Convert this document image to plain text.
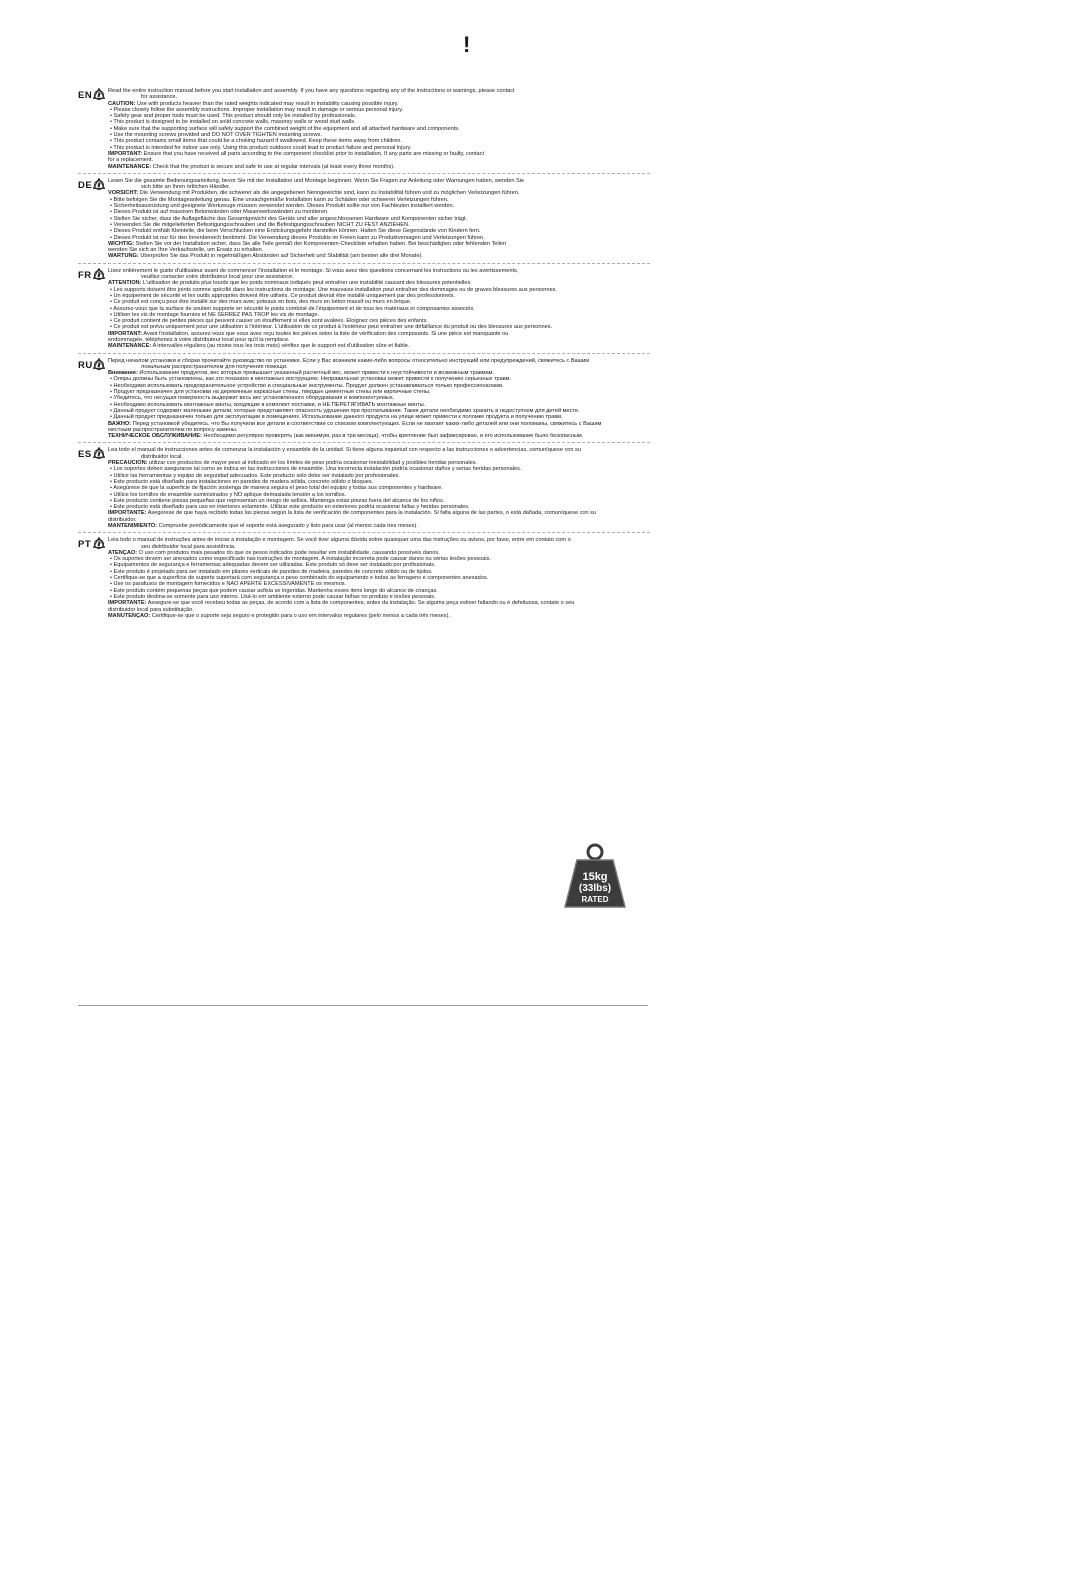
!
EN	Read the entire instruction manual before you start installation and assembly. If you have any questions regarding any of the instructions or warnings, please contact
for assistance.
CAUTION: Use with products heavier than the rated weights indicated may result in instability causing possible injury.
• Please closely follow the assembly instructions. Improper installation may result in damage or serious personal injury.
• Safety gear and proper tools must be used. This product should only be installed by professionals.
• This product is designed to be installed on solid concrete walls, masonry walls or wood stud walls.
• Make sure that the supporting surface will safely support the combined weight of the equipment and all attached hardware and components.
• Use the mounting screws provided and DO NOT OVER TIGHTEN mounting screws.
• This product contains small items that could be a choking hazard if swallowed. Keep these items away from children.
• This product is intended for indoor use only. Using this product outdoors could lead to product failure and personal injury.
IMPORTANT: Ensure that you have received all parts according to the component checklist prior to installation. If any parts are missing or faulty, contact
for a replacement.
MAINTENANCE: Check that the product is secure and safe to use at regular intervals (at least every three months).
DE	Lesen Sie die gesamte Bedienungsanleitung, bevor Sie mit der Installation und Montage beginnen. Wenn Sie Fragen zur Anleitung oder Warnungen haben, wenden Sie
sich bitte an Ihren örtlichen Händler.
VORSICHT: Die Verwendung mit Produkten, die schwerer als die angegebenen Nenngewichte sind, kann zu Instabilität führen und zu möglichen Verletzungen führen.
• Bitte befolgen Sie die Montageanleitung genau. Eine unsachgemäße Installation kann zu Schäden oder schweren Verletzungen führen.
• Sicherheitsausrüstung und geeignete Werkzeuge müssen verwendet werden. Dieses Produkt sollte nur von Fachleuten installiert werden.
• Dieses Produkt ist auf massiven Betonwänden oder Mauerwerkswänden zu montieren.
• Stellen Sie sicher, dass die Auflagefläche das Gesamtgewicht des Geräts und aller angeschlossenen Hardware und Komponenten sicher trägt.
• Verwenden Sie die mitgelieferten Befestigungsschrauben und die Befestigungsschrauben NICHT ZU FEST ANZIEHEN.
• Dieses Produkt enthält Kleinteile, die beim Verschlucken eine Erstickungsgefahr darstellen können. Halten Sie diese Gegenstände von Kindern fern.
• Dieses Produkt ist nur für den Innenbereich bestimmt. Die Verwendung dieses Produkts im Freien kann zu Produktversagen und Verletzungen führen.
WICHTIG: Stellen Sie vor der Installation sicher, dass Sie alle Teile gemäß der Komponenten-Checkliste erhalten haben. Bei beschädigten oder fehlenden Teilen
wenden Sie sich an Ihre Verkaufsstelle, um Ersatz zu erhalten.
WARTUNG: Überprüfen Sie das Produkt in regelmäßigen Abständen auf Sicherheit und Stabilität (am besten alle drei Monate).
FR	Lisez entièrement le guide d'utilisateur avant de commencer l'installation et le montage. Si vous avez des questions concernant les instructions ou les avertissements,
veuillez contacter votre distributeur local pour une assistance.
ATTENTION: L'utilisation de produits plus lourds que les poids nominaux indiqués peut entraîner une instabilité causant des blessures potentielles.
• Les supports doivent être joints comme spécifié dans les instructions de montage. Une mauvaise installation peut entraîner des dommages ou de graves blessures aux personnes.
• Un équipement de sécurité et les outils appropriés doivent être utilisés. Ce produit devrait être installé uniquement par des professionnels.
• Ce produit est conçu pour être installé sur des murs avec poteaux en bois, des murs en béton massif ou murs en brique.
• Assurez-vous que la surface de soutien supporte en sécurité le poids combiné de l'équipement et de tous les matériaux et composantes associés.
• Utiliser les vis de montage fournies et NE SERREZ PAS TROP les vis de montage.
• Ce produit contient de petites pièces qui peuvent causer un étouffement si elles sont avalées. Éloignez ces pièces des enfants.
• Ce produit est prévu uniquement pour une utilisation à l'intérieur. L'utilisation de ce produit à l'extérieur peut entraîner une défaillance du produit ou des blessures aux personnes.
IMPORTANT: Avant l'installation, assurez-vous que vous avez reçu toutes les pièces selon la liste de vérification des composants. Si une pièce est manquante ou
endommagée, téléphonez à votre distributeur local pour qu'il la remplace.
MAINTENANCE: A intervalles réguliers (au moins tous les trois mois) vérifiez que le support est d'utilisation sûre et fiable.
RU	Перед началом установки и сборки прочитайте руководство по установке. Если у Вас возникли какие-либо вопросы относительно инструкций или предупреждений, свяжитесь с Вашим
локальным распространителем для получения помощи.
Внимание: Использование продуктов, вес которых превышает указанный расчетный вес, может привести к неустойчивости и возможным травмам.
• Опоры должны быть установлены, как это показано в монтажных инструкциях. Неправильная установка может привести к получению серьезных травм.
• Необходимо использовать предохранительное устройство и специальные инструменты. Продукт должен устанавливаться только профессионалами.
• Продукт предназначен для установки на деревянные каркасные стены, твердые цементные стены или кирпичные стены.
• Убедитесь, что несущая поверхность выдержит весь вес установленного оборудования и компонентуемых.
• Необходимо использовать монтажные винты, входящие в комплект поставки, и НЕ ПЕРЕТЯГИВАТЬ монтажные винты.
• Данный продукт содержит маленькие детали, которые представляют опасность удушения при проглатывании. Такие детали необходимо хранить в недоступном для детей месте.
• Данный продукт предназначен только для эксплуатации в помещениях. Использование данного продукта на улице может привести к поломке продукта и получению травм.
ВАЖНО: Перед установкой убедитесь, что Вы получили все детали в соответствии со списком комплектующих. Если не хватает каких-либо деталей или они поломаны, свяжитесь с Вашим
местным распространителем по вопросу замены.
ТЕХНИЧЕСКОЕ ОБСЛУЖИВАНИЕ: Необходимо регулярно проверять (как минимум, раз в три месяца), чтобы крепление был зафиксирован, и его использование было безопасным.
ES	Lea todo el manual de instrucciones antes de comenzar la instalación y ensamble de la unidad. Si tiene alguna inquietud con respecto a las instrucciones o advertencias, comuníquese con su
distribuidor local.
PRECAUCIÓN: utilizar con productos de mayor peso al indicado en los límites de peso podría ocasionar inestabilidad y posibles heridas personales.
• Los soportes deben asegurarse tal como se indica en las instrucciones de ensamble. Una incorrecta instalación podría ocasionar daños y serias heridas personales.
• Utilice las herramientas y equipo de seguridad adecuados. Este producto solo debe ser instalado por profesionales.
• Este producto está diseñado para instalaciones en paredes de madera sólida, concreto sólido o bloques.
• Asegúrese de que la superficie de fijación sostenga de manera segura el peso total del equipo y todas sus componentes y hardware.
• Utilice los tornillos de ensamble suministrados y NO aplique demasiada tensión a los tornillos.
• Este producto contiene piezas pequeñas que representan un riesgo de asfixia. Mantenga estas piezas fuera del alcance de los niños.
• Este producto está diseñado para uso en interiores solamente. Utilizar este producto en exteriores podría ocasionar fallas y heridas personales.
IMPORTANTE: Asegúrese de que haya recibido todas las piezas según la lista de verificación de componentes para la instalación. Si falta alguna de las partes, o está dañada, comuníquese con su
distribuidor.
MANTENIMIENTO: Compruebe periódicamente que el soporte está asegurado y listo para usar (al menos cada tres meses).
PT	Leia todo o manual de instruções antes de iniciar a instalação e montagem. Se você tiver alguma dúvida sobre quaisquer uma das instruções ou avisos, por favor, entre em contato com o
seu distribuidor local para assistência.
ATENÇÃO: O uso com produtos mais pesados do que os pesos indicados pode resultar em instabilidade, causando possíveis danos.
• Os suportes devem ser anexados como especificado nas instruções de montagem. A instalação incorreta pode causar danos ou sérias lesões pessoais.
• Equipamentos de segurança e ferramentas adequadas devem ser utilizadas. Este produto só deve ser instalado por profissionais.
• Este produto é projetado para ser instalado em pilares verticais de paredes de madeira, paredes de concreto sólido ou de tijolos.
• Certifique-se que a superfície de suporte suportará com segurança o peso combinado do equipamento e todas as ferragens e componentes anexados.
• Use os parafusos de montagem fornecidos e NÃO APERTE EXCESSIVAMENTE os mesmos.
• Este produto contém pequenas peças que podem causar asfixia se ingeridas. Mantenha esses itens longe do alcance de crianças.
• Este produto destina-se somente para uso interno. Usá-lo em ambiente externo pode causar falhas no produto e lesões pessoais.
IMPORTANTE: Assegure-se que você recebeu todas as peças, de acordo com a lista de componentes, antes da instalação. Se alguma peça estiver faltando ou é defeituosa, contate o seu
distribuidor local para substituição.
MANUTENÇÃO: Certifique-se que o suporte seja seguro e protegido para o uso em intervalos regulares (pelo menos a cada três meses).
15kg
(33lbs)
RATED
